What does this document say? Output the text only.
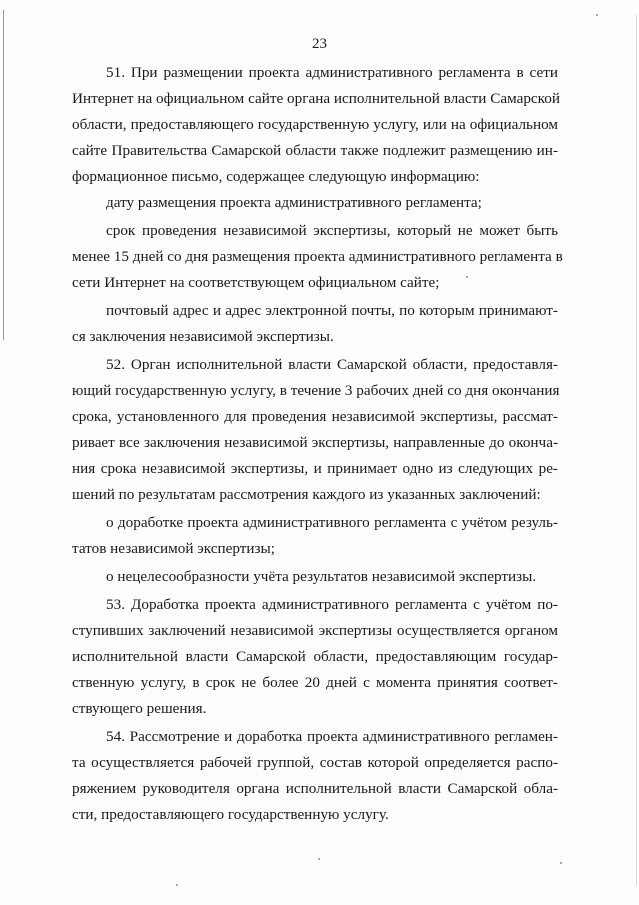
23
51. При размещении проекта административного регламента в сети
Интернет на официальном сайте органа исполнительной власти Самарской
области, предоставляющего государственную услугу, или на официальном
сайте Правительства Самарской области также подлежит размещению ин-
формационное письмо, содержащее следующую информацию:
дату размещения проекта административного регламента;
срок проведения независимой экспертизы, который не может быть
менее 15 дней со дня размещения проекта административного регламента в
сети Интернет на соответствующем официальном сайте;
почтовый адрес и адрес электронной почты, по которым принимают-
ся заключения независимой экспертизы.
52. Орган исполнительной власти Самарской области, предоставля-
ющий государственную услугу, в течение 3 рабочих дней со дня окончания
срока, установленного для проведения независимой экспертизы, рассмат-
ривает все заключения независимой экспертизы, направленные до оконча-
ния срока независимой экспертизы, и принимает одно из следующих ре-
шений по результатам рассмотрения каждого из указанных заключений:
о доработке проекта административного регламента с учётом резуль-
татов независимой экспертизы;
о нецелесообразности учёта результатов независимой экспертизы.
53. Доработка проекта административного регламента с учётом по-
ступивших заключений независимой экспертизы осуществляется органом
исполнительной власти Самарской области, предоставляющим государ-
ственную услугу, в срок не более 20 дней с момента принятия соответ-
ствующего решения.
54. Рассмотрение и доработка проекта административного регламен-
та осуществляется рабочей группой, состав которой определяется распо-
ряжением руководителя органа исполнительной власти Самарской обла-
сти, предоставляющего государственную услугу.
